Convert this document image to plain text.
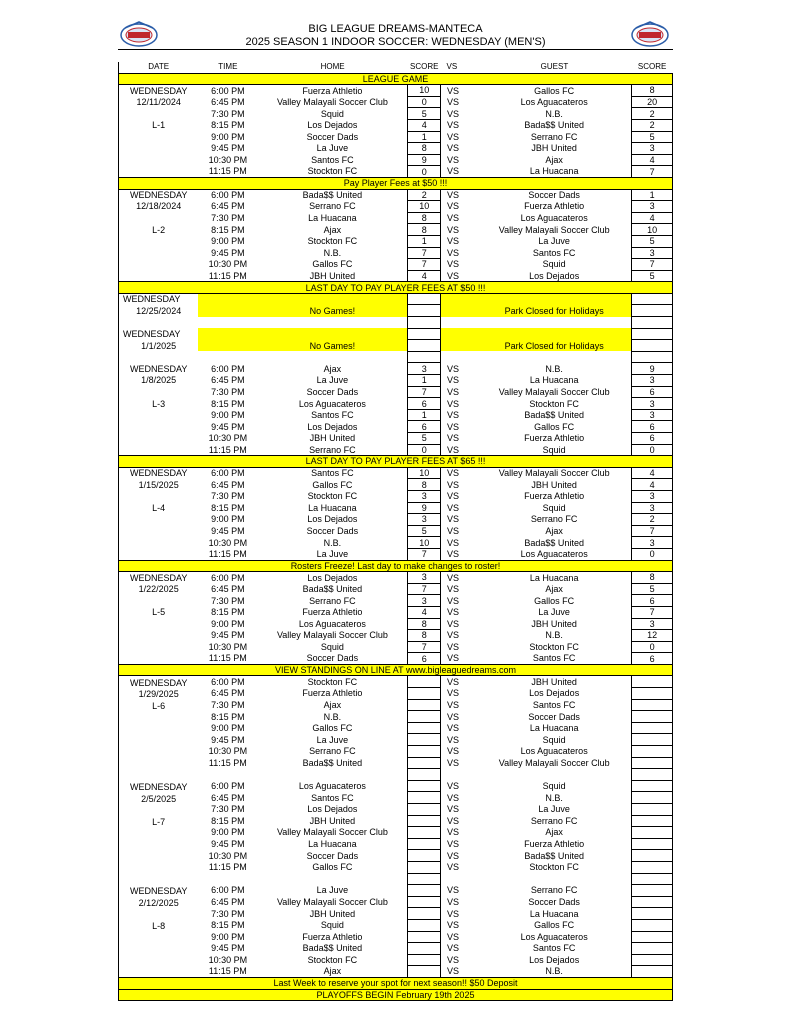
BIG LEAGUE DREAMS-MANTECA
2025 SEASON 1 INDOOR SOCCER: WEDNESDAY (MEN'S)
DATE	TIME	HOME	SCORE	VS	GUEST	SCORE
LEAGUE GAME						
WEDNESDAY	6:00 PM	Fuerza Athletio	10	VS	Gallos FC	8
12/11/2024	6:45 PM	Valley Malayali Soccer Club	0	VS	Los Aguacateros	20
	7:30 PM	Squid	5	VS	N.B.	2
L-1	8:15 PM	Los Dejados	4	VS	Bada$$ United	2
	9:00 PM	Soccer Dads	1	VS	Serrano FC	5
	9:45 PM	La Juve	8	VS	JBH United	3
	10:30 PM	Santos FC	9	VS	Ajax	4
	11:15 PM	Stockton FC	0	VS	La Huacana	7
Pay Player Fees at $50 !!!						
WEDNESDAY	6:00 PM	Bada$$ United	2	VS	Soccer Dads	1
12/18/2024	6:45 PM	Serrano FC	10	VS	Fuerza Athletio	3
	7:30 PM	La Huacana	8	VS	Los Aguacateros	4
L-2	8:15 PM	Ajax	8	VS	Valley Malayali Soccer Club	10
	9:00 PM	Stockton FC	1	VS	La Juve	5
	9:45 PM	N.B.	7	VS	Santos FC	3
	10:30 PM	Gallos FC	7	VS	Squid	7
	11:15 PM	JBH United	4	VS	Los Dejados	5
LAST DAY TO PAY PLAYER FEES AT $50 !!!						
WEDNESDAY						
12/25/2024		No Games!			Park Closed for Holidays	

WEDNESDAY						
1/1/2025		No Games!			Park Closed for Holidays	

WEDNESDAY	6:00 PM	Ajax	3	VS	N.B.	9
1/8/2025	6:45 PM	La Juve	1	VS	La Huacana	3
	7:30 PM	Soccer Dads	7	VS	Valley Malayali Soccer Club	6
L-3	8:15 PM	Los Aguacateros	6	VS	Stockton FC	3
	9:00 PM	Santos FC	1	VS	Bada$$ United	3
	9:45 PM	Los Dejados	6	VS	Gallos FC	6
	10:30 PM	JBH United	5	VS	Fuerza Athletio	6
	11:15 PM	Serrano FC	0	VS	Squid	0
LAST DAY TO PAY PLAYER FEES AT $65 !!!						
WEDNESDAY	6:00 PM	Santos FC	10	VS	Valley Malayali Soccer Club	4
1/15/2025	6:45 PM	Gallos FC	8	VS	JBH United	4
	7:30 PM	Stockton FC	3	VS	Fuerza Athletio	3
L-4	8:15 PM	La Huacana	9	VS	Squid	3
	9:00 PM	Los Dejados	3	VS	Serrano FC	2
	9:45 PM	Soccer Dads	5	VS	Ajax	7
	10:30 PM	N.B.	10	VS	Bada$$ United	3
	11:15 PM	La Juve	7	VS	Los Aguacateros	0
Rosters Freeze! Last day to make changes to roster!						
WEDNESDAY	6:00 PM	Los Dejados	3	VS	La Huacana	8
1/22/2025	6:45 PM	Bada$$ United	7	VS	Ajax	5
	7:30 PM	Serrano FC	3	VS	Gallos FC	6
L-5	8:15 PM	Fuerza Athletio	4	VS	La Juve	7
	9:00 PM	Los Aguacateros	8	VS	JBH United	3
	9:45 PM	Valley Malayali Soccer Club	8	VS	N.B.	12
	10:30 PM	Squid	7	VS	Stockton FC	0
	11:15 PM	Soccer Dads	6	VS	Santos FC	6
VIEW STANDINGS ON LINE AT www.bigleaguedreams.com						
WEDNESDAY	6:00 PM	Stockton FC		VS	JBH United	
1/29/2025	6:45 PM	Fuerza Athletio		VS	Los Dejados	
L-6	7:30 PM	Ajax		VS	Santos FC	
	8:15 PM	N.B.		VS	Soccer Dads	
	9:00 PM	Gallos FC		VS	La Huacana	
	9:45 PM	La Juve		VS	Squid	
	10:30 PM	Serrano FC		VS	Los Aguacateros	
	11:15 PM	Bada$$ United		VS	Valley Malayali Soccer Club	

WEDNESDAY	6:00 PM	Los Aguacateros		VS	Squid	
2/5/2025	6:45 PM	Santos FC		VS	N.B.	
	7:30 PM	Los Dejados		VS	La Juve	
L-7	8:15 PM	JBH United		VS	Serrano FC	
	9:00 PM	Valley Malayali Soccer Club		VS	Ajax	
	9:45 PM	La Huacana		VS	Fuerza Athletio	
	10:30 PM	Soccer Dads		VS	Bada$$ United	
	11:15 PM	Gallos FC		VS	Stockton FC	

WEDNESDAY	6:00 PM	La Juve		VS	Serrano FC	
2/12/2025	6:45 PM	Valley Malayali Soccer Club		VS	Soccer Dads	
	7:30 PM	JBH United		VS	La Huacana	
L-8	8:15 PM	Squid		VS	Gallos FC	
	9:00 PM	Fuerza Athletio		VS	Los Aguacateros	
	9:45 PM	Bada$$ United		VS	Santos FC	
	10:30 PM	Stockton FC		VS	Los Dejados	
	11:15 PM	Ajax		VS	N.B.	
Last Week to reserve your spot for next season!! $50 Deposit						
PLAYOFFS BEGIN February 19th 2025						
